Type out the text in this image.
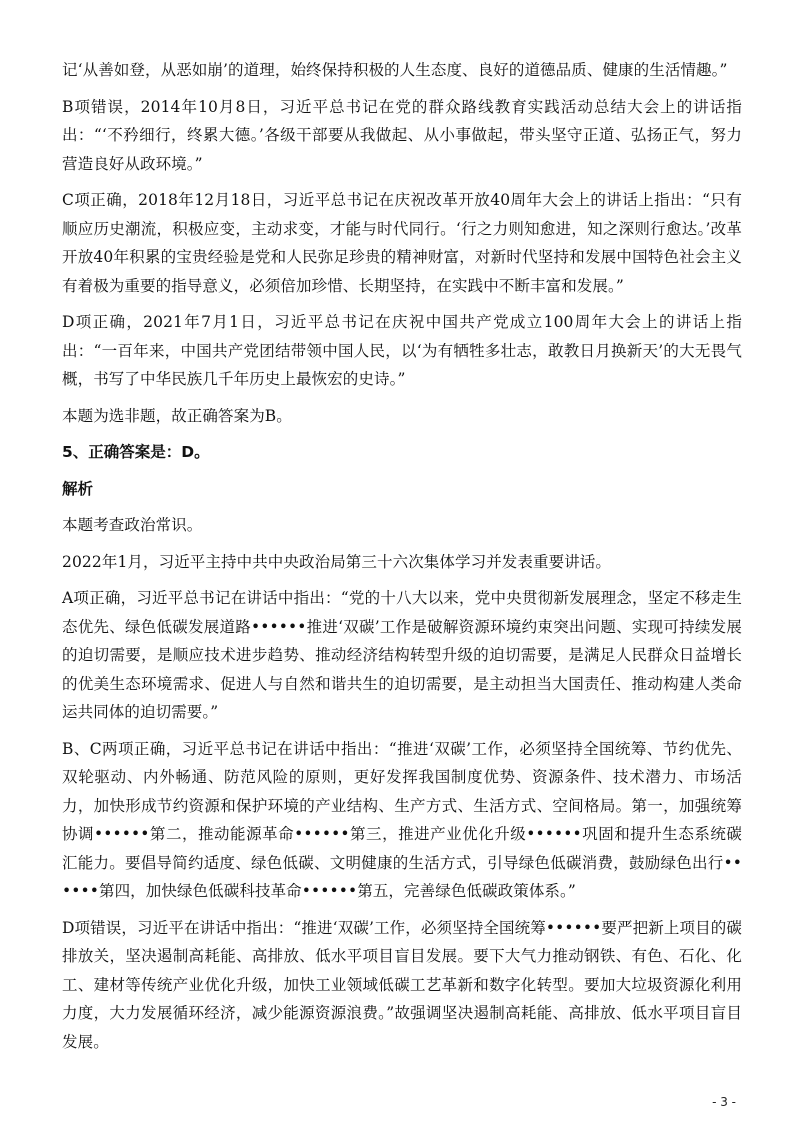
记‘从善如登，从恶如崩’的道理，始终保持积极的人生态度、良好的道德品质、健康的生活情趣。”

B项错误，2014年10月8日，习近平总书记在党的群众路线教育实践活动总结大会上的讲话指出：“‘不矜细行，终累大德。’各级干部要从我做起、从小事做起，带头坚守正道、弘扬正气，努力营造良好从政环境。”

C项正确，2018年12月18日，习近平总书记在庆祝改革开放40周年大会上的讲话上指出：“只有顺应历史潮流，积极应变，主动求变，才能与时代同行。‘行之力则知愈进，知之深则行愈达。’改革开放40年积累的宝贵经验是党和人民弥足珍贵的精神财富，对新时代坚持和发展中国特色社会主义有着极为重要的指导意义，必须倍加珍惜、长期坚持，在实践中不断丰富和发展。”

D项正确，2021年7月1日，习近平总书记在庆祝中国共产党成立100周年大会上的讲话上指出：“一百年来，中国共产党团结带领中国人民，以‘为有牺牲多壮志，敢教日月换新天’的大无畏气概，书写了中华民族几千年历史上最恢宏的史诗。”

本题为选非题，故正确答案为B。

5、正确答案是：D。

解析

本题考查政治常识。

2022年1月，习近平主持中共中央政治局第三十六次集体学习并发表重要讲话。

A项正确，习近平总书记在讲话中指出：“党的十八大以来，党中央贯彻新发展理念，坚定不移走生态优先、绿色低碳发展道路••••••推进‘双碳’工作是破解资源环境约束突出问题、实现可持续发展的迫切需要，是顺应技术进步趋势、推动经济结构转型升级的迫切需要，是满足人民群众日益增长的优美生态环境需求、促进人与自然和谐共生的迫切需要，是主动担当大国责任、推动构建人类命运共同体的迫切需要。”

B、C两项正确，习近平总书记在讲话中指出：“推进‘双碳’工作，必须坚持全国统筹、节约优先、双轮驱动、内外畅通、防范风险的原则，更好发挥我国制度优势、资源条件、技术潜力、市场活力，加快形成节约资源和保护环境的产业结构、生产方式、生活方式、空间格局。第一，加强统筹协调••••••第二，推动能源革命••••••第三，推进产业优化升级••••••巩固和提升生态系统碳汇能力。要倡导简约适度、绿色低碳、文明健康的生活方式，引导绿色低碳消费，鼓励绿色出行••••••第四，加快绿色低碳科技革命••••••第五，完善绿色低碳政策体系。”

D项错误，习近平在讲话中指出：“推进‘双碳’工作，必须坚持全国统筹••••••要严把新上项目的碳排放关，坚决遏制高耗能、高排放、低水平项目盲目发展。要下大气力推动钢铁、有色、石化、化工、建材等传统产业优化升级，加快工业领域低碳工艺革新和数字化转型。要加大垃圾资源化利用力度，大力发展循环经济，减少能源资源浪费。”故强调坚决遏制高耗能、高排放、低水平项目盲目发展。

- 3 -
